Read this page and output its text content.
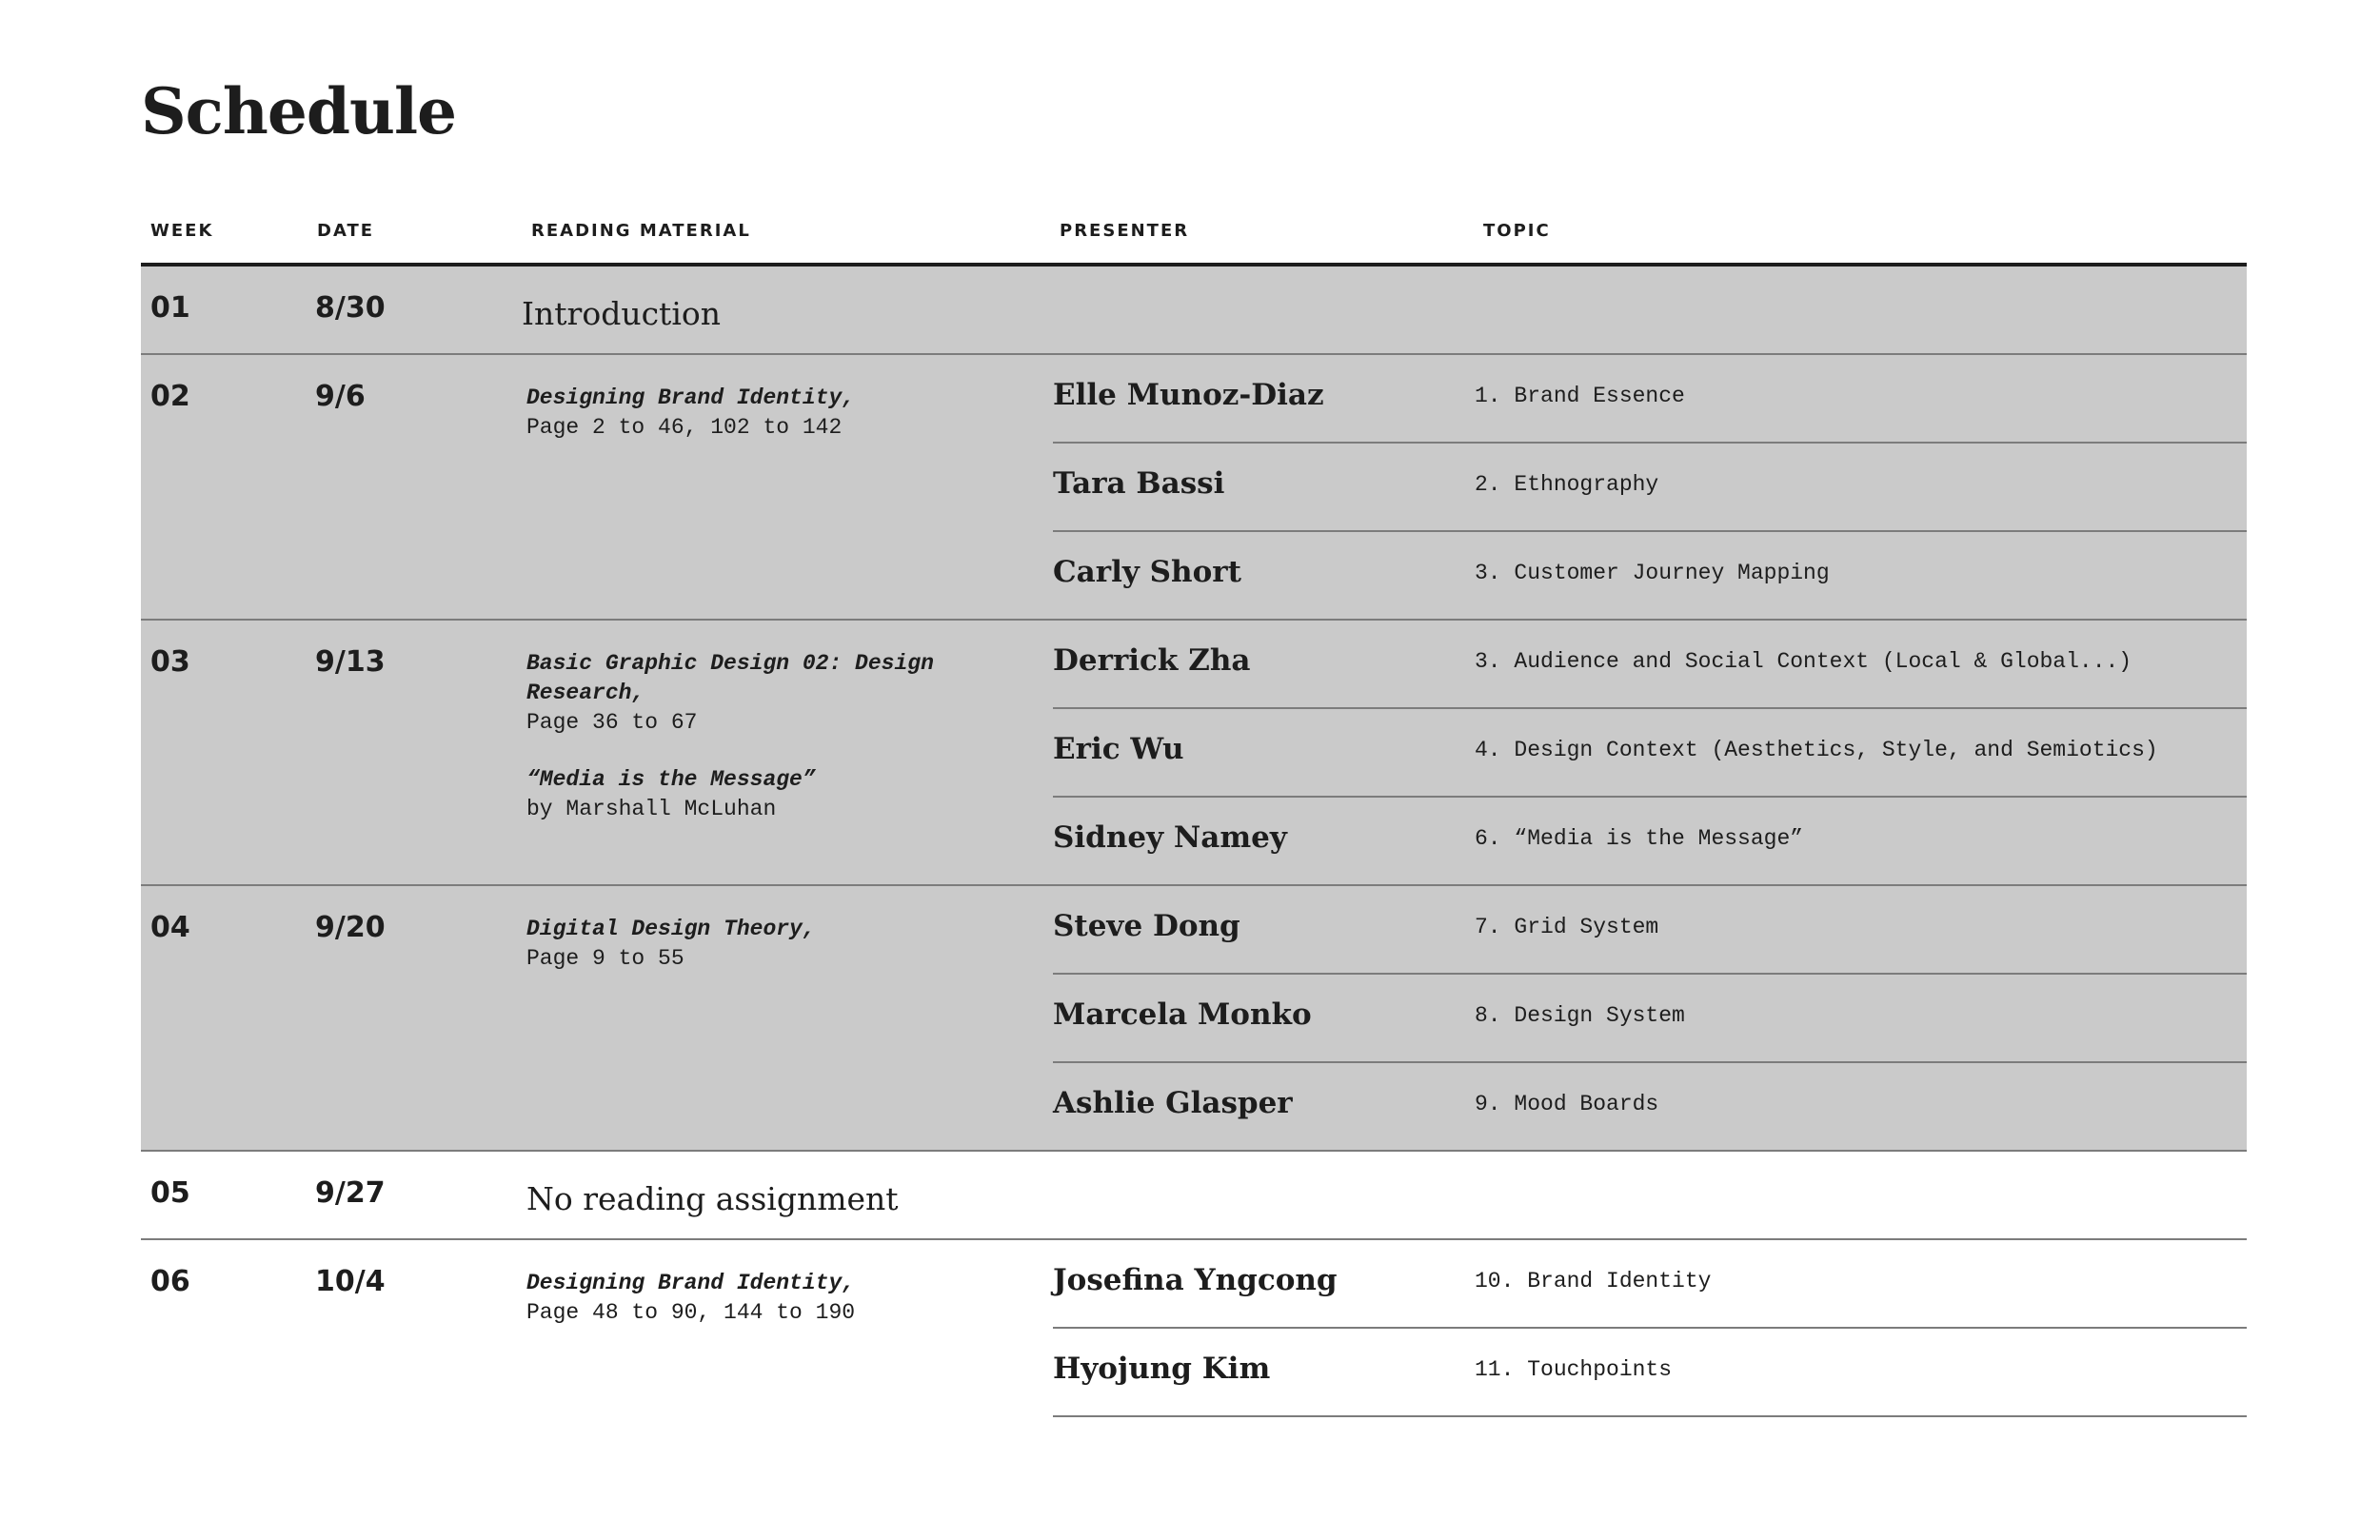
Schedule
WEEK	DATE	READING MATERIAL	PRESENTER	TOPIC
01	8/30	Introduction
02	9/6	Designing Brand Identity,
Page 2 to 46, 102 to 142
Elle Munoz-Diaz	1. Brand Essence
Tara Bassi	2. Ethnography
Carly Short	3. Customer Journey Mapping
03	9/13	Basic Graphic Design 02: Design Research,
Page 36 to 67
“Media is the Message”
by Marshall McLuhan
Derrick Zha	3. Audience and Social Context (Local & Global...)
Eric Wu	4. Design Context (Aesthetics, Style, and Semiotics)
Sidney Namey	6. “Media is the Message”
04	9/20	Digital Design Theory,
Page 9 to 55
Steve Dong	7. Grid System
Marcela Monko	8. Design System
Ashlie Glasper	9. Mood Boards
05	9/27	No reading assignment
06	10/4	Designing Brand Identity,
Page 48 to 90, 144 to 190
Josefina Yngcong	10. Brand Identity
Hyojung Kim	11. Touchpoints
